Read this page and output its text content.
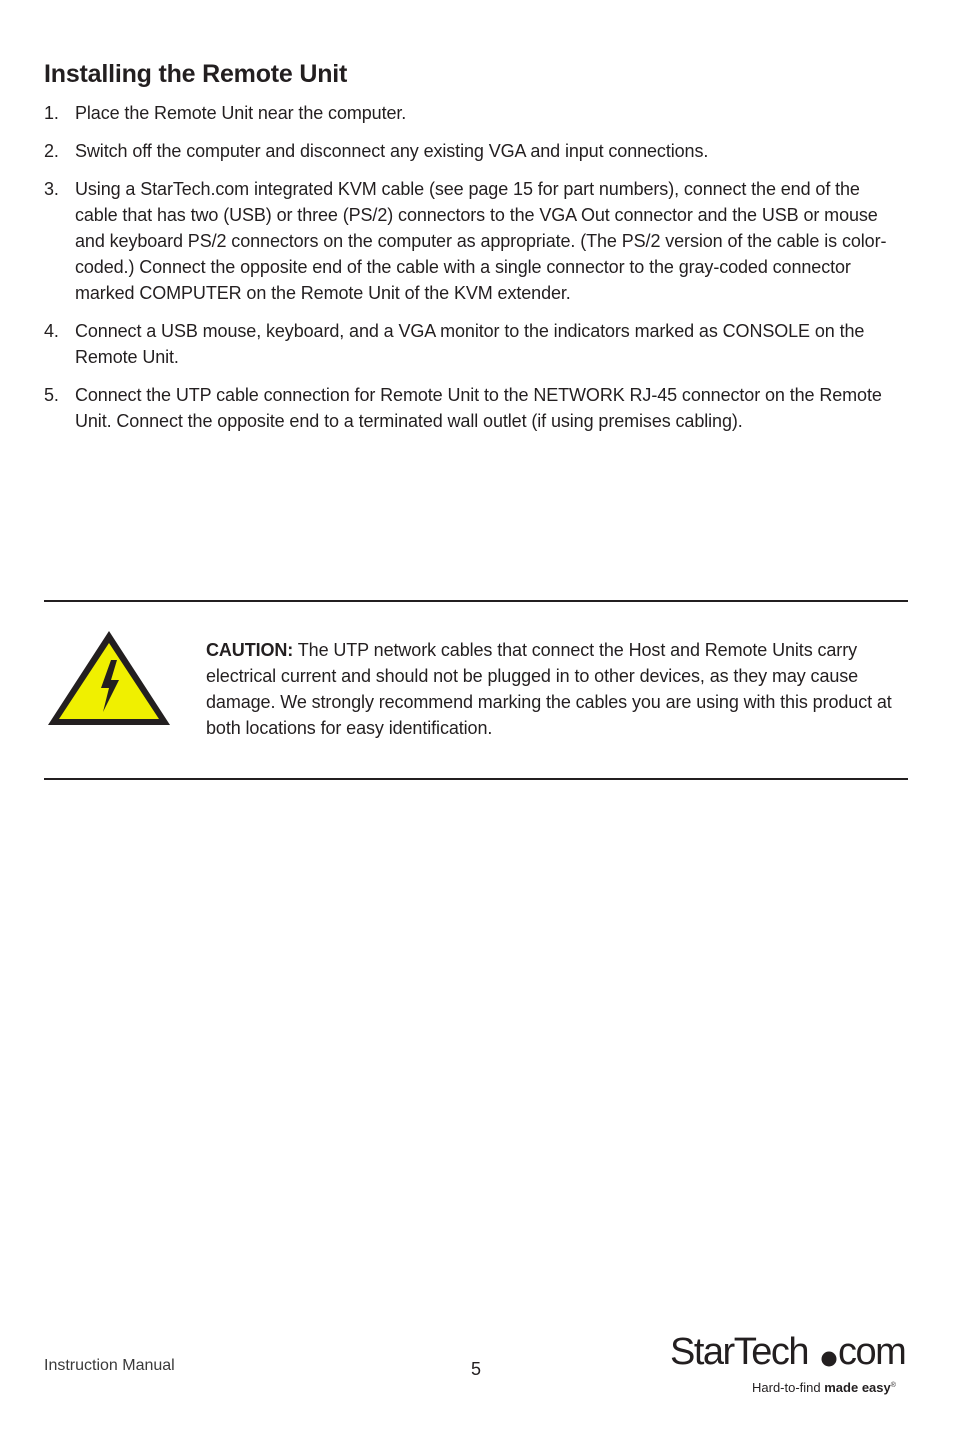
Installing the Remote Unit
1. Place the Remote Unit near the computer.
2. Switch off the computer and disconnect any existing VGA and input connections.
3. Using a StarTech.com integrated KVM cable (see page 15 for part numbers), connect the end of the cable that has two (USB) or three (PS/2) connectors to the VGA Out connector and the USB or mouse and keyboard PS/2 connectors on the computer as appropriate. (The PS/2 version of the cable is color-coded.) Connect the opposite end of the cable with a single connector to the gray-coded connector marked COMPUTER on the Remote Unit of the KVM extender.
4. Connect a USB mouse, keyboard, and a VGA monitor to the indicators marked as CONSOLE on the Remote Unit.
5. Connect the UTP cable connection for Remote Unit to the NETWORK RJ-45 connector on the Remote Unit. Connect the opposite end to a terminated wall outlet (if using premises cabling).

CAUTION: The UTP network cables that connect the Host and Remote Units carry electrical current and should not be plugged in to other devices, as they may cause damage. We strongly recommend marking the cables you are using with this product at both locations for easy identification.

Instruction Manual	5	StarTech com
Hard-to-find made easy®
